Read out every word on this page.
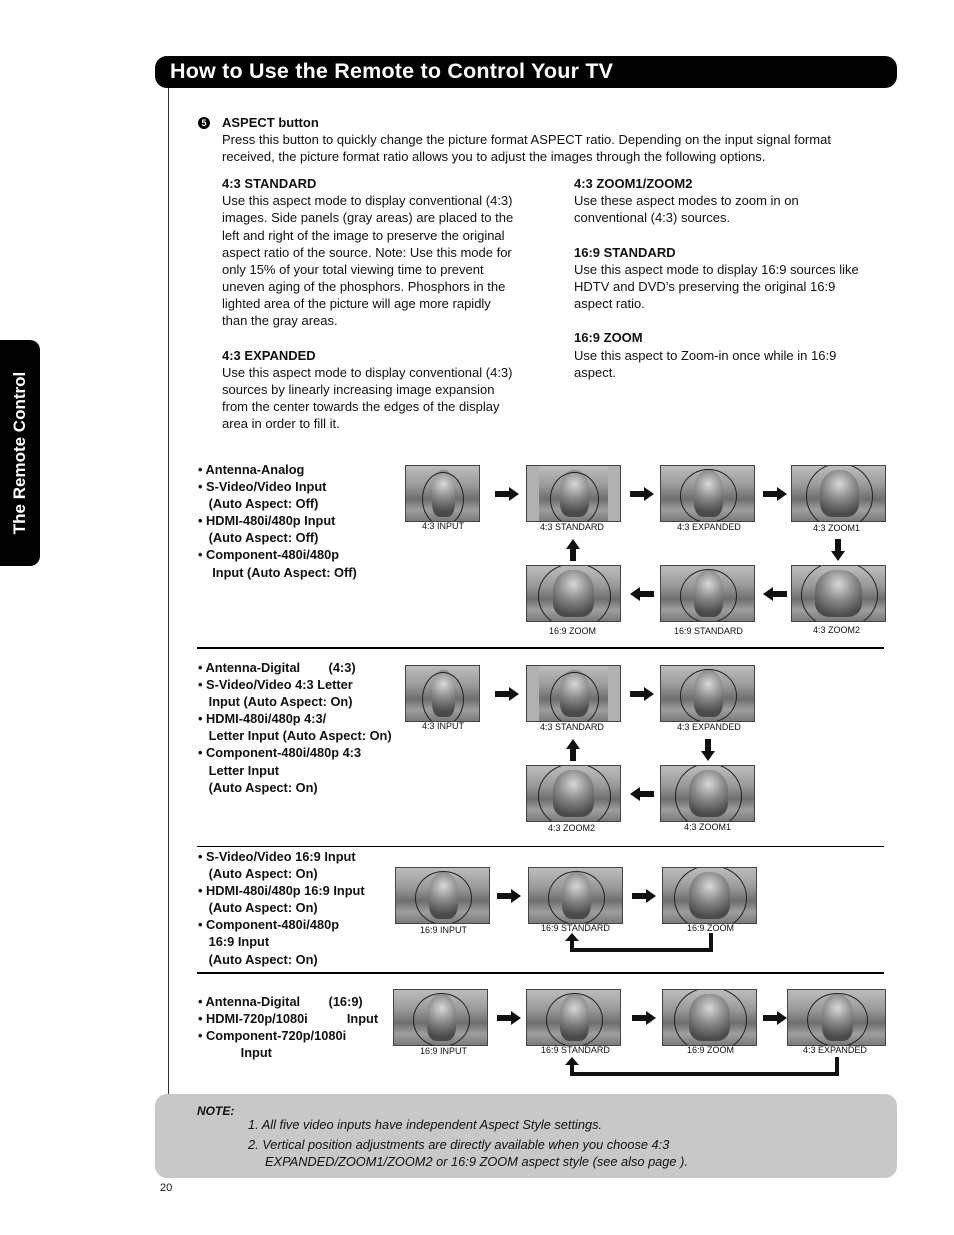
How to Use the Remote to Control Your TV
The Remote Control
5 ASPECT button
Press this button to quickly change the picture format ASPECT ratio. Depending on the input signal format
received, the picture format ratio allows you to adjust the images through the following options.
4:3 STANDARD
Use this aspect mode to display conventional (4:3)
images. Side panels (gray areas) are placed to the
left and right of the image to preserve the original
aspect ratio of the source. Note: Use this mode for
only 15% of your total viewing time to prevent
uneven aging of the phosphors. Phosphors in the
lighted area of the picture will age more rapidly
than the gray areas.
4:3 EXPANDED
Use this aspect mode to display conventional (4:3)
sources by linearly increasing image expansion
from the center towards the edges of the display
area in order to fill it.
4:3 ZOOM1/ZOOM2
Use these aspect modes to zoom in on
conventional (4:3) sources.
16:9 STANDARD
Use this aspect mode to display 16:9 sources like
HDTV and DVD’s preserving the original 16:9
aspect ratio.
16:9 ZOOM
Use this aspect to Zoom-in once while in 16:9
aspect.
• Antenna-Analog
• S-Video/Video Input
(Auto Aspect: Off)
• HDMI-480i/480p Input
(Auto Aspect: Off)
• Component-480i/480p
Input (Auto Aspect: Off)
• Antenna-Digital        (4:3)
• S-Video/Video 4:3 Letter
Input (Auto Aspect: On)
• HDMI-480i/480p 4:3/
Letter Input (Auto Aspect: On)
• Component-480i/480p 4:3
Letter Input
(Auto Aspect: On)
• S-Video/Video 16:9 Input
(Auto Aspect: On)
• HDMI-480i/480p 16:9 Input
(Auto Aspect: On)
• Component-480i/480p
16:9 Input
(Auto Aspect: On)
• Antenna-Digital        (16:9)
• HDMI-720p/1080i           Input
• Component-720p/1080i
Input
4:3 INPUT	4:3 STANDARD	4:3 EXPANDED	4:3 ZOOM1
16:9 ZOOM	16:9 STANDARD	4:3 ZOOM2
4:3 INPUT	4:3 STANDARD	4:3 EXPANDED
4:3 ZOOM2	4:3 ZOOM1
16:9 INPUT	16:9 STANDARD	16:9 ZOOM
16:9 INPUT	16:9 STANDARD	16:9 ZOOM	4:3 EXPANDED
NOTE:
1. All five video inputs have independent Aspect Style settings.
2. Vertical position adjustments are directly available when you choose 4:3
EXPANDED/ZOOM1/ZOOM2 or 16:9 ZOOM aspect style (see also page ).
20
